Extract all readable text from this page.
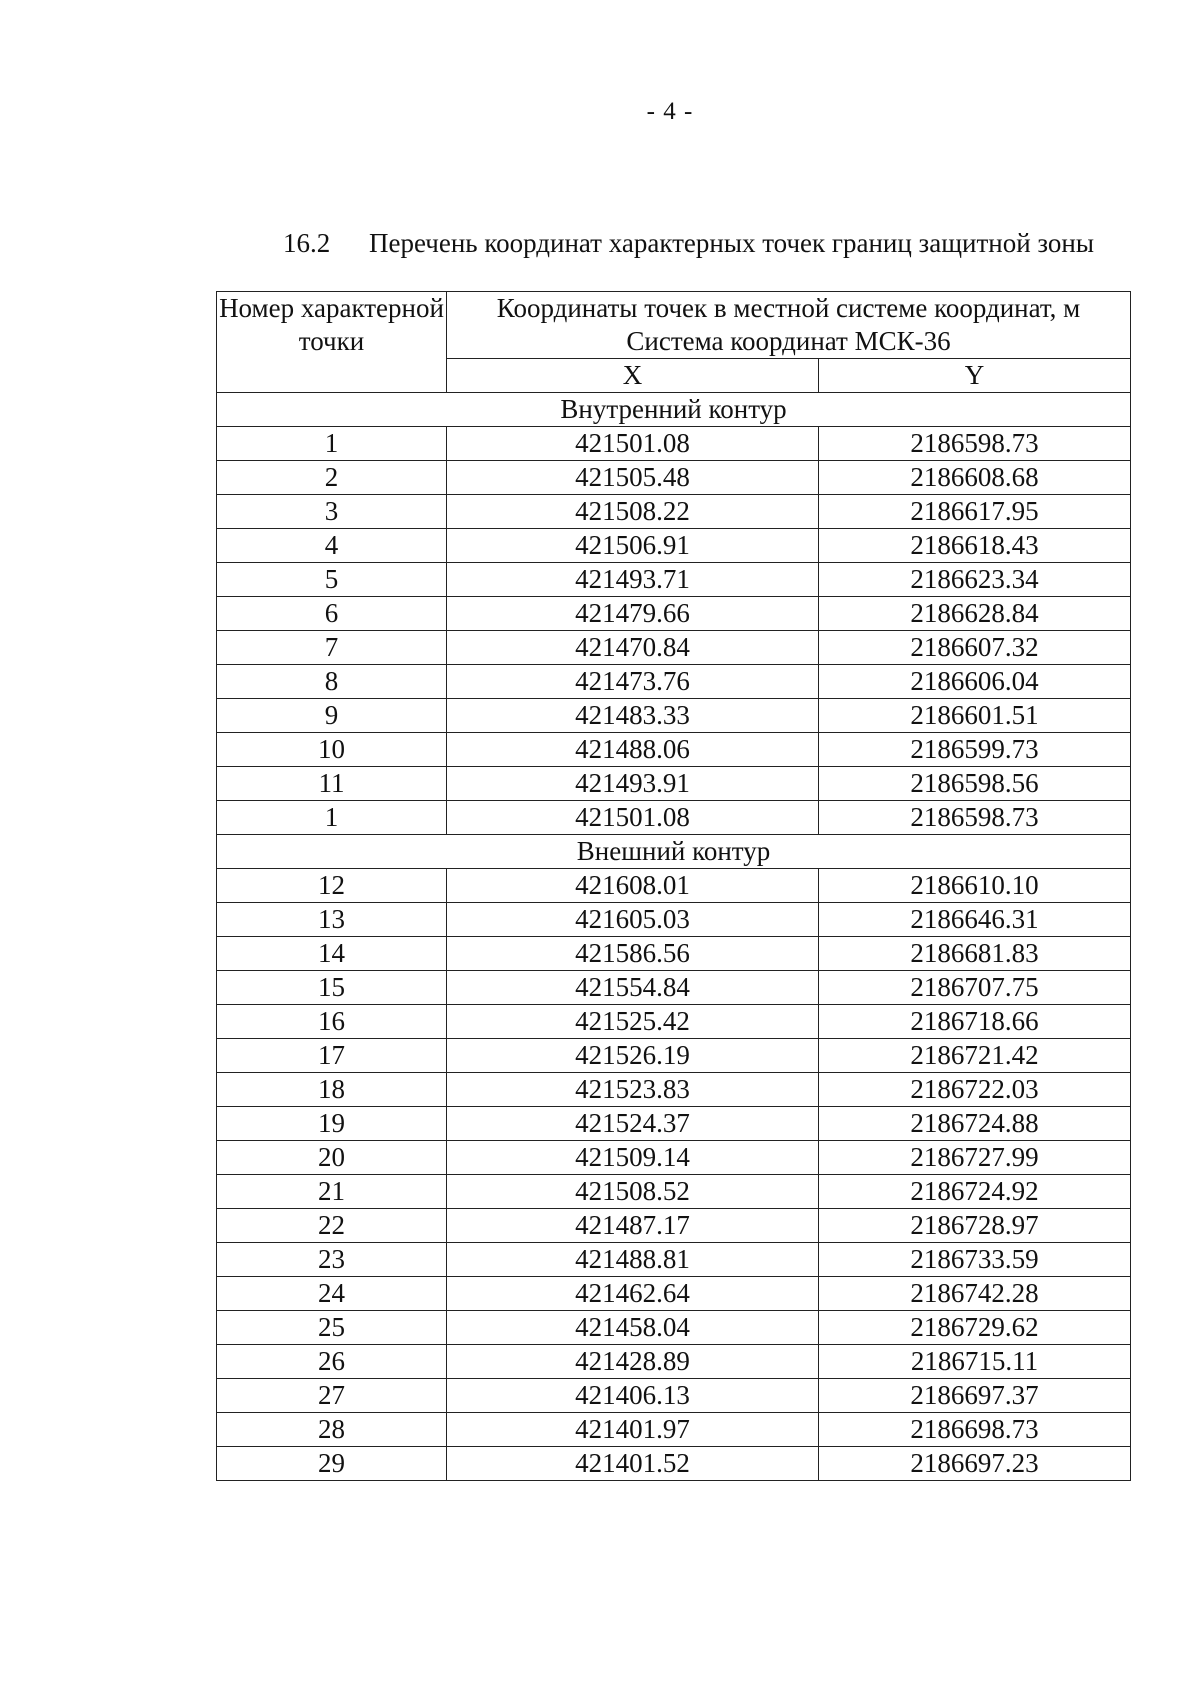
- 4 -
16.2 Перечень координат характерных точек границ защитной зоны
Номер характерной точки	Координаты точек в местной системе координат, м
Система координат МСК-36	

	X	Y
Внутренний контур		
1	421501.08	2186598.73
2	421505.48	2186608.68
3	421508.22	2186617.95
4	421506.91	2186618.43
5	421493.71	2186623.34
6	421479.66	2186628.84
7	421470.84	2186607.32
8	421473.76	2186606.04
9	421483.33	2186601.51
10	421488.06	2186599.73
11	421493.91	2186598.56
1	421501.08	2186598.73
Внешний контур		
12	421608.01	2186610.10
13	421605.03	2186646.31
14	421586.56	2186681.83
15	421554.84	2186707.75
16	421525.42	2186718.66
17	421526.19	2186721.42
18	421523.83	2186722.03
19	421524.37	2186724.88
20	421509.14	2186727.99
21	421508.52	2186724.92
22	421487.17	2186728.97
23	421488.81	2186733.59
24	421462.64	2186742.28
25	421458.04	2186729.62
26	421428.89	2186715.11
27	421406.13	2186697.37
28	421401.97	2186698.73
29	421401.52	2186697.23
